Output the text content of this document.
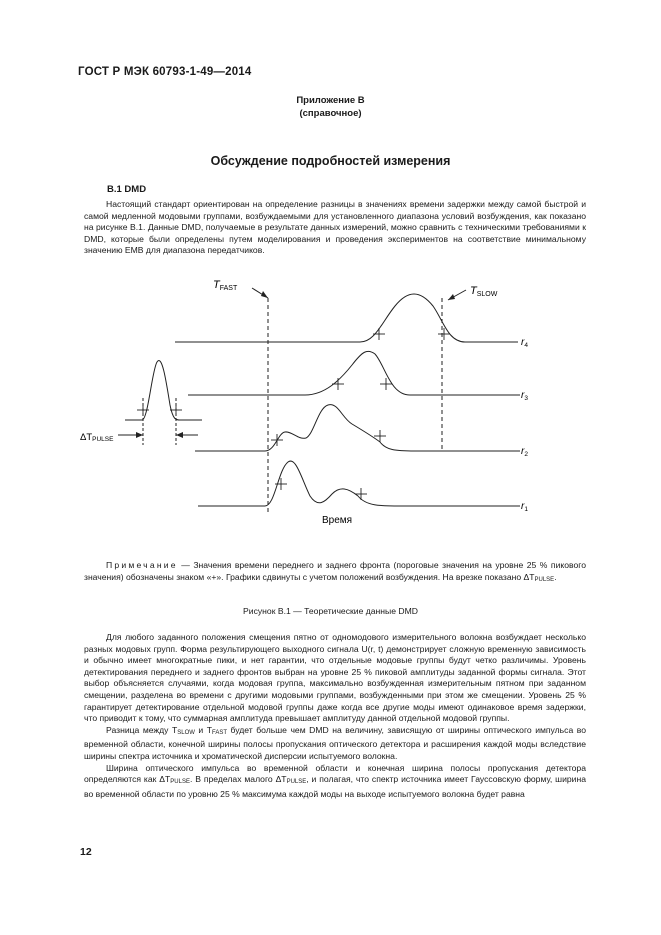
ГОСТ Р МЭК 60793-1-49—2014
Приложение В
(справочное)
Обсуждение подробностей измерения
В.1 DMD

Настоящий стандарт ориентирован на определение разницы в значениях времени задержки между самой быстрой и самой медленной модовыми группами, возбуждаемыми для установленного диапазона условий возбуждения, как показано на рисунке В.1. Данные DMD, получаемые в результате данных измерений, можно сравнить с техническими требованиями к DMD, которые были определены путем моделирования и проведения экспериментов на соответствие минимальному значению EMB для диапазона передатчиков.

TFAST	TSLOW
ΔTPULSE
$r_4$
$r_3$
$r_2$
$r_1$
Время

Примечание — Значения времени переднего и заднего фронта (пороговые значения на уровне 25 % пикового значения) обозначены знаком «+». Графики сдвинуты с учетом положений возбуждения. На врезке показано $\Delta T_{PULSE}$.

Рисунок В.1 — Теоретические данные DMD

Для любого заданного положения смещения пятно от одномодового измерительного волокна возбуждает несколько разных модовых групп. Форма результирующего выходного сигнала U(r, t) демонстрирует сложную временную зависимость и обычно имеет многократные пики, и нет гарантии, что отдельные модовые группы будут четко различимы. Уровень детектирования переднего и заднего фронтов выбран на уровне 25 % пиковой амплитуды заданной формы сигнала. Этот выбор объясняется случаями, когда модовая группа, максимально возбужденная измерительным пятном при заданном смещении, разделена во времени с другими модовыми группами, возбужденными при этом же смещении. Уровень 25 % гарантирует детектирование отдельной модовой группы даже когда все другие моды имеют одинаковое время задержки, что приводит к тому, что суммарная амплитуда превышает амплитуду данной отдельной модовой группы.

Разница между $T_{SLOW}$ и $T_{FAST}$ будет больше чем DMD на величину, зависящую от ширины оптического импульса во временной области, конечной ширины полосы пропускания оптического детектора и расширения каждой моды вследствие ширины спектра источника и хроматической дисперсии испытуемого волокна.

Ширина оптического импульса во временной области и конечная ширина полосы пропускания детектора определяются как $\Delta T_{PULSE}$. В пределах малого $\Delta T_{PULSE}$, и полагая, что спектр источника имеет Гауссовскую форму, ширина во временной области по уровню 25 % максимума каждой моды на выходе испытуемого волокна будет равна

12
